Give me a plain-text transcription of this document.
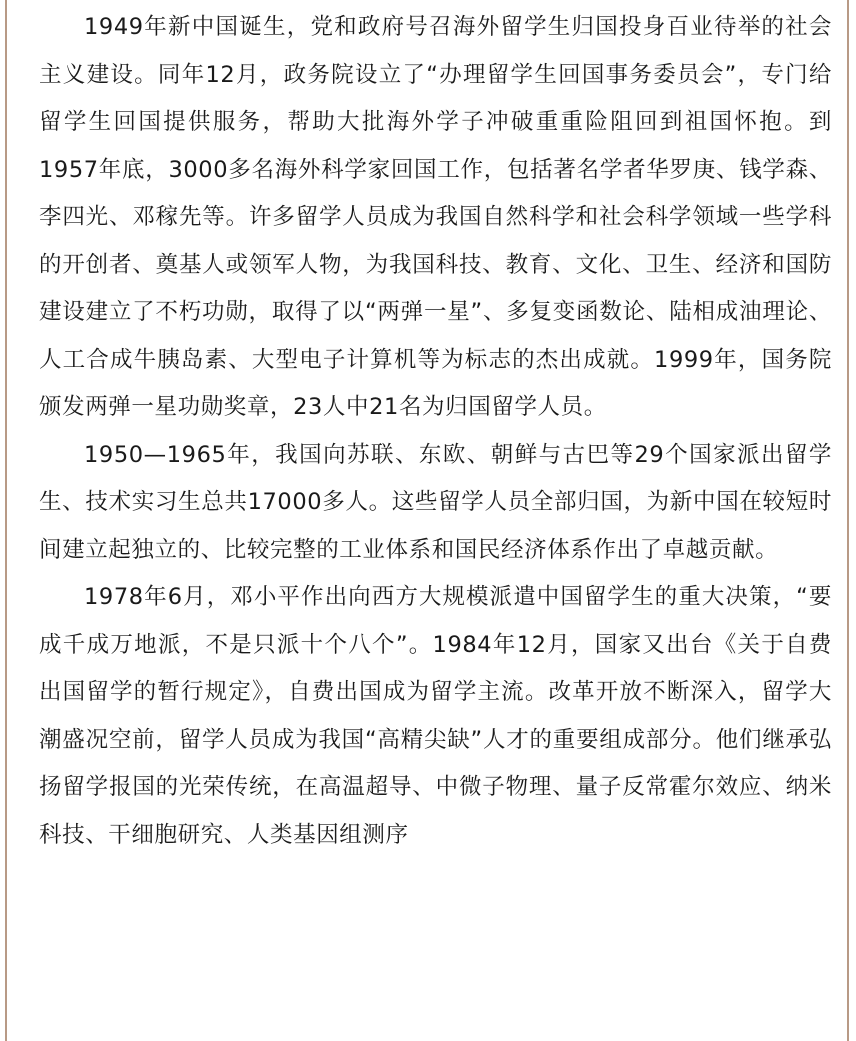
1949年新中国诞生，党和政府号召海外留学生归国投身百业待举的社会主义建设。同年12月，政务院设立了“办理留学生回国事务委员会”，专门给留学生回国提供服务，帮助大批海外学子冲破重重险阻回到祖国怀抱。到1957年底，3000多名海外科学家回国工作，包括著名学者华罗庚、钱学森、李四光、邓稼先等。许多留学人员成为我国自然科学和社会科学领域一些学科的开创者、奠基人或领军人物，为我国科技、教育、文化、卫生、经济和国防建设建立了不朽功勋，取得了以“两弹一星”、多复变函数论、陆相成油理论、人工合成牛胰岛素、大型电子计算机等为标志的杰出成就。1999年，国务院颁发两弹一星功勋奖章，23人中21名为归国留学人员。

1950—1965年，我国向苏联、东欧、朝鲜与古巴等29个国家派出留学生、技术实习生总共17000多人。这些留学人员全部归国，为新中国在较短时间建立起独立的、比较完整的工业体系和国民经济体系作出了卓越贡献。

1978年6月，邓小平作出向西方大规模派遣中国留学生的重大决策，“要成千成万地派，不是只派十个八个”。1984年12月，国家又出台《关于自费出国留学的暂行规定》，自费出国成为留学主流。改革开放不断深入，留学大潮盛况空前，留学人员成为我国“高精尖缺”人才的重要组成部分。他们继承弘扬留学报国的光荣传统，在高温超导、中微子物理、量子反常霍尔效应、纳米科技、干细胞研究、人类基因组测序
